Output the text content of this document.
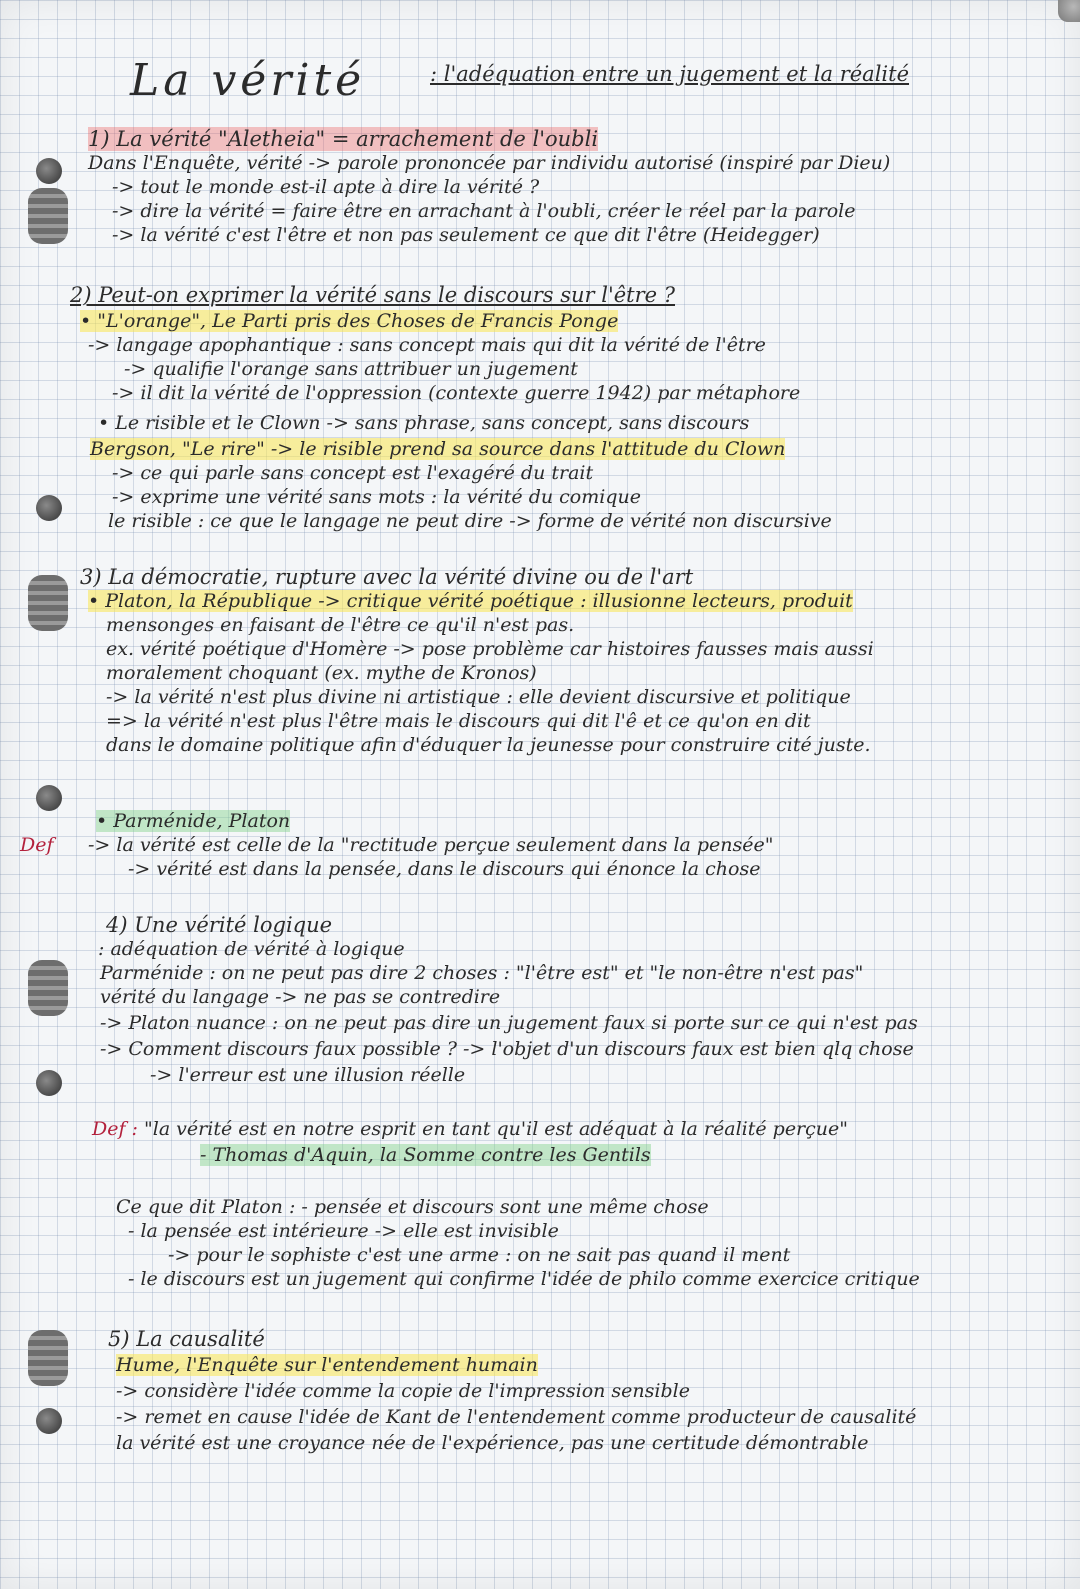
La vérité	: l'adéquation entre un jugement et la réalité
1) La vérité "Aletheia" = arrachement de l'oubli
Dans l'Enquête, vérité -> parole prononcée par individu autorisé (inspiré par Dieu)
-> tout le monde est-il apte à dire la vérité ?
-> dire la vérité = faire être en arrachant à l'oubli, créer le réel par la parole
-> la vérité c'est l'être et non pas seulement ce que dit l'être (Heidegger)
2) Peut-on exprimer la vérité sans le discours sur l'être ?
• "L'orange", Le Parti pris des Choses de Francis Ponge
-> langage apophantique : sans concept mais qui dit la vérité de l'être
-> qualifie l'orange sans attribuer un jugement
-> il dit la vérité de l'oppression (contexte guerre 1942) par métaphore
• Le risible et le Clown -> sans phrase, sans concept, sans discours
Bergson, "Le rire" -> le risible prend sa source dans l'attitude du Clown
-> ce qui parle sans concept est l'exagéré du trait
-> exprime une vérité sans mots : la vérité du comique
le risible : ce que le langage ne peut dire -> forme de vérité non discursive
3) La démocratie, rupture avec la vérité divine ou de l'art
• Platon, la République -> critique vérité poétique : illusionne lecteurs, produit
mensonges en faisant de l'être ce qu'il n'est pas.
ex. vérité poétique d'Homère -> pose problème car histoires fausses mais aussi
moralement choquant (ex. mythe de Kronos)
-> la vérité n'est plus divine ni artistique : elle devient discursive et politique
=> la vérité n'est plus l'être mais le discours qui dit l'ê et ce qu'on en dit
dans le domaine politique afin d'éduquer la jeunesse pour construire cité juste.
• Parménide, Platon
Def -> la vérité est celle de la "rectitude perçue seulement dans la pensée"
-> vérité est dans la pensée, dans le discours qui énonce la chose
4) Une vérité logique
: adéquation de vérité à logique
Parménide : on ne peut pas dire 2 choses : "l'être est" et "le non-être n'est pas"
vérité du langage -> ne pas se contredire
-> Platon nuance : on ne peut pas dire un jugement faux si porte sur ce qui n'est pas
-> Comment discours faux possible ? -> l'objet d'un discours faux est bien qlq chose
-> l'erreur est une illusion réelle
Def : "la vérité est en notre esprit en tant qu'il est adéquat à la réalité perçue"
- Thomas d'Aquin, la Somme contre les Gentils
Ce que dit Platon : - pensée et discours sont une même chose
- la pensée est intérieure -> elle est invisible
-> pour le sophiste c'est une arme : on ne sait pas quand il ment
- le discours est un jugement qui confirme l'idée de philo comme exercice critique
5) La causalité
Hume, l'Enquête sur l'entendement humain
-> considère l'idée comme la copie de l'impression sensible
-> remet en cause l'idée de Kant de l'entendement comme producteur de causalité
la vérité est une croyance née de l'expérience, pas une certitude démontrable
